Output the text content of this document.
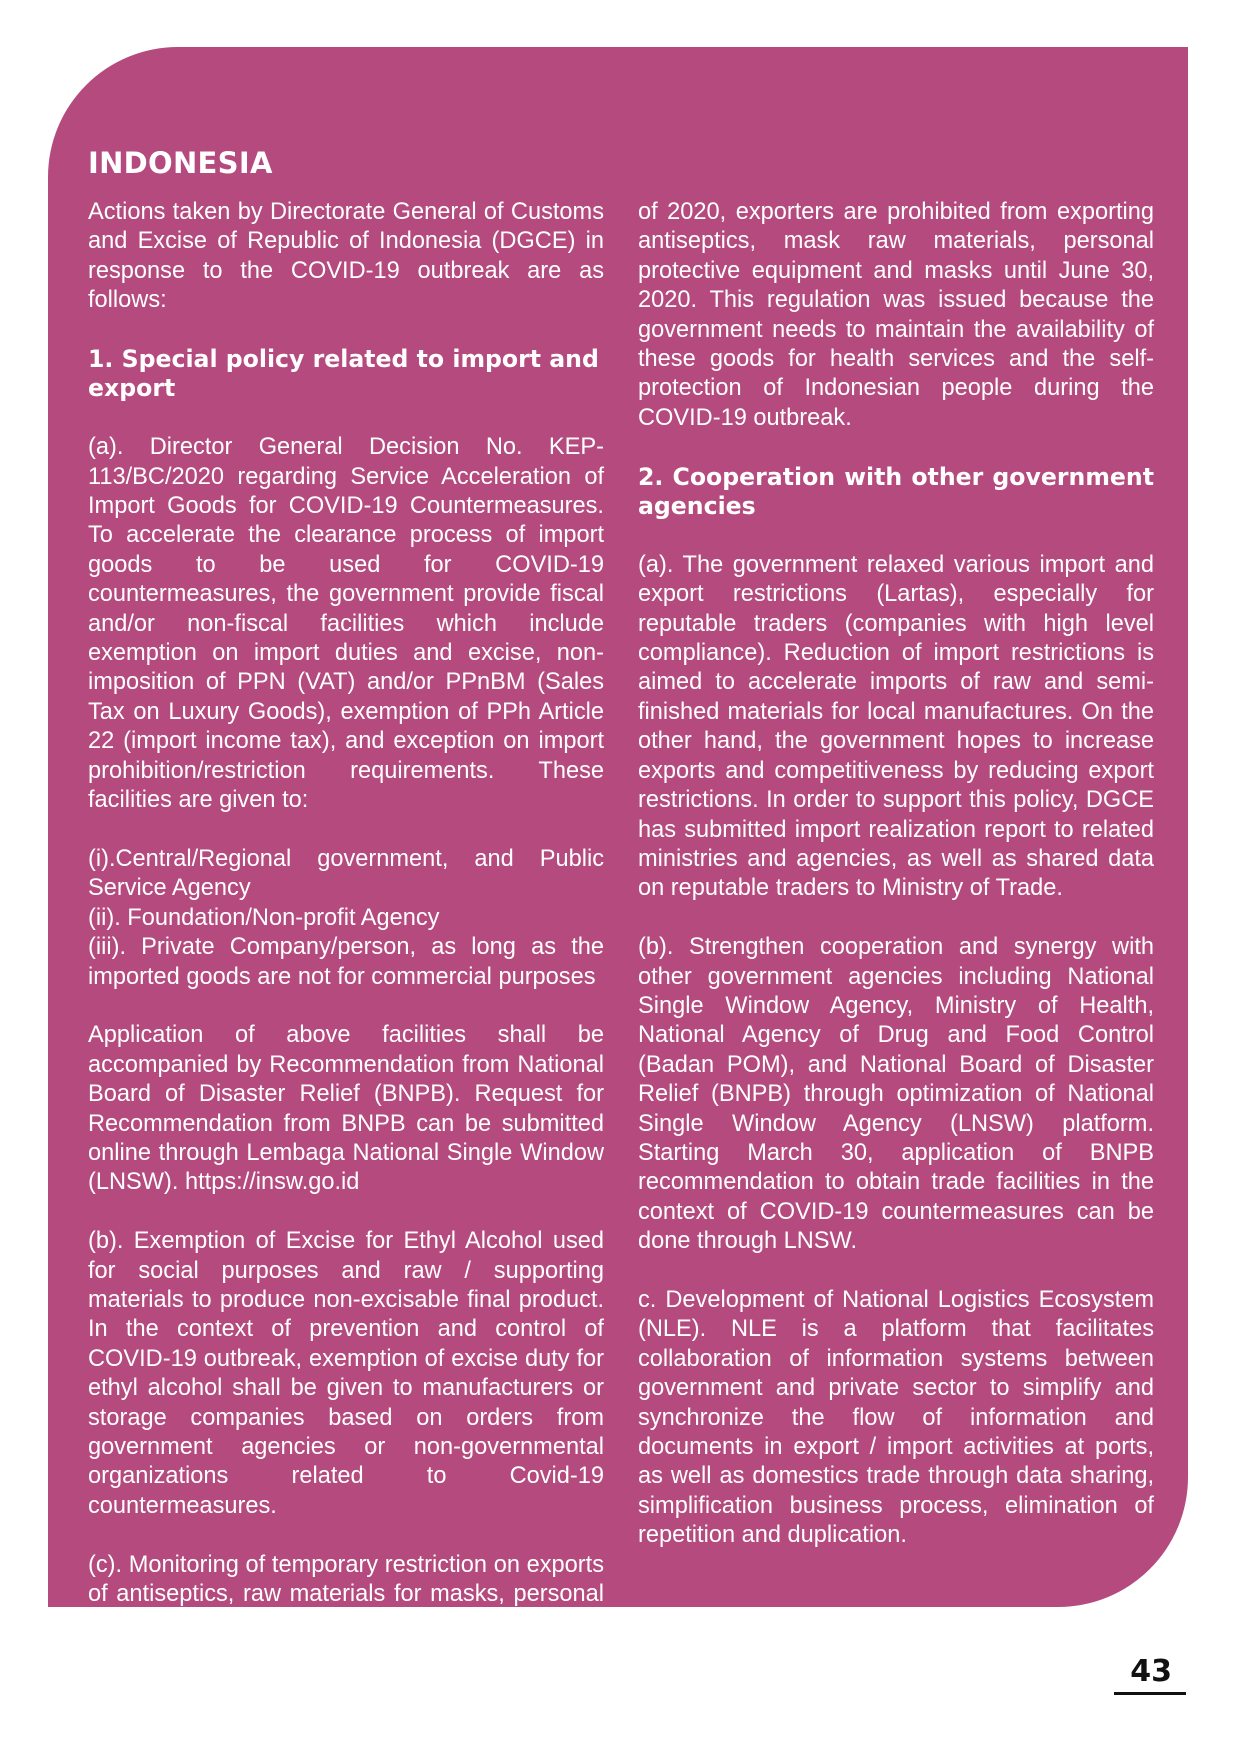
INDONESIA

Actions taken by Directorate General of Customs and Excise of Republic of Indonesia (DGCE) in response to the COVID-19 outbreak are as follows:

1. Special policy related to import and export

(a). Director General Decision No. KEP-113/BC/2020 regarding Service Acceleration of Import Goods for COVID-19 Countermeasures. To accelerate the clearance process of import goods to be used for COVID-19 countermeasures, the government provide fiscal and/or non-fiscal facilities which include exemption on import duties and excise, non-imposition of PPN (VAT) and/or PPnBM (Sales Tax on Luxury Goods), exemption of PPh Article 22 (import income tax), and exception on import prohibition/restriction requirements. These facilities are given to:

(i).Central/Regional government, and Public Service Agency

(ii). Foundation/Non-profit Agency

(iii). Private Company/person, as long as the imported goods are not for commercial purposes

Application of above facilities shall be accompanied by Recommendation from National Board of Disaster Relief (BNPB). Request for Recommendation from BNPB can be submitted online through Lembaga National Single Window (LNSW). https://insw.go.id

(b). Exemption of Excise for Ethyl Alcohol used for social purposes and raw / supporting materials to produce non-excisable final product. In the context of prevention and control of COVID-19 outbreak, exemption of excise duty for ethyl alcohol shall be given to manufacturers or storage companies based on orders from government agencies or non-governmental organizations related to Covid-19 countermeasures.

(c). Monitoring of temporary restriction on exports of antiseptics, raw materials for masks, personal protective equipment and masks. According to Minister of Trade Regulation No. 23

of 2020, exporters are prohibited from exporting antiseptics, mask raw materials, personal protective equipment and masks until June 30, 2020. This regulation was issued because the government needs to maintain the availability of these goods for health services and the self-protection of Indonesian people during the COVID-19 outbreak.

2. Cooperation with other government agencies

(a). The government relaxed various import and export restrictions (Lartas), especially for reputable traders (companies with high level compliance). Reduction of import restrictions is aimed to accelerate imports of raw and semi-finished materials for local manufactures. On the other hand, the government hopes to increase exports and competitiveness by reducing export restrictions. In order to support this policy, DGCE has submitted import realization report to related ministries and agencies, as well as shared data on reputable traders to Ministry of Trade.

(b). Strengthen cooperation and synergy with other government agencies including National Single Window Agency, Ministry of Health, National Agency of Drug and Food Control (Badan POM), and National Board of Disaster Relief (BNPB) through optimization of National Single Window Agency (LNSW) platform. Starting March 30, application of BNPB recommendation to obtain trade facilities in the context of COVID-19 countermeasures can be done through LNSW.

c. Development of National Logistics Ecosystem (NLE). NLE is a platform that facilitates collaboration of information systems between government and private sector to simplify and synchronize the flow of information and documents in export / import activities at ports, as well as domestics trade through data sharing, simplification business process, elimination of repetition and duplication.

43
